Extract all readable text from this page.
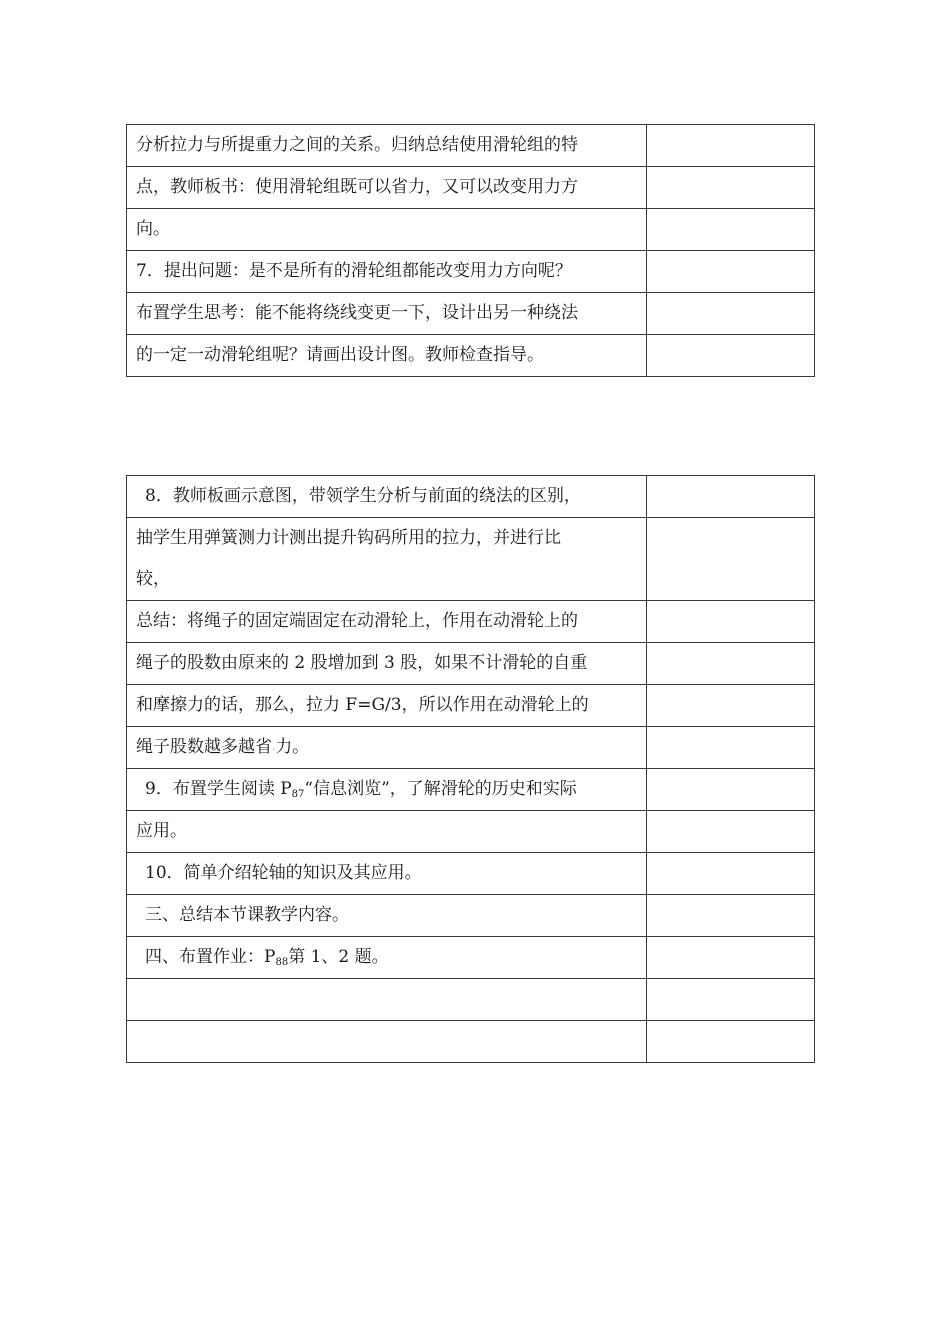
分析拉力与所提重力之间的关系。归纳总结使用滑轮组的特	
点，教师板书：使用滑轮组既可以省力，又可以改变用力方	
向。	
7．提出问题：是不是所有的滑轮组都能改变用力方向呢？	
布置学生思考：能不能将绕线变更一下，设计出另一种绕法	
的一定一动滑轮组呢？请画出设计图。教师检查指导。	
8．教师板画示意图，带领学生分析与前面的绕法的区别，	
抽学生用弹簧测力计测出提升钩码所用的拉力，并进行比
较，	
总结：将绳子的固定端固定在动滑轮上，作用在动滑轮上的	
绳子的股数由原来的 2 股增加到 3 股，如果不计滑轮的自重	
和摩擦力的话，那么，拉力 F=G/3，所以作用在动滑轮上的	
绳子股数越多越省.力。	
9．布置学生阅读 $P_{87}“$信息浏览”，了解滑轮的历史和实际	
应用。	
10．简单介绍轮轴的知识及其应用。	
三、总结本节课教学内容。	
四、布置作业：$P_{88}$第 1、2 题。	
